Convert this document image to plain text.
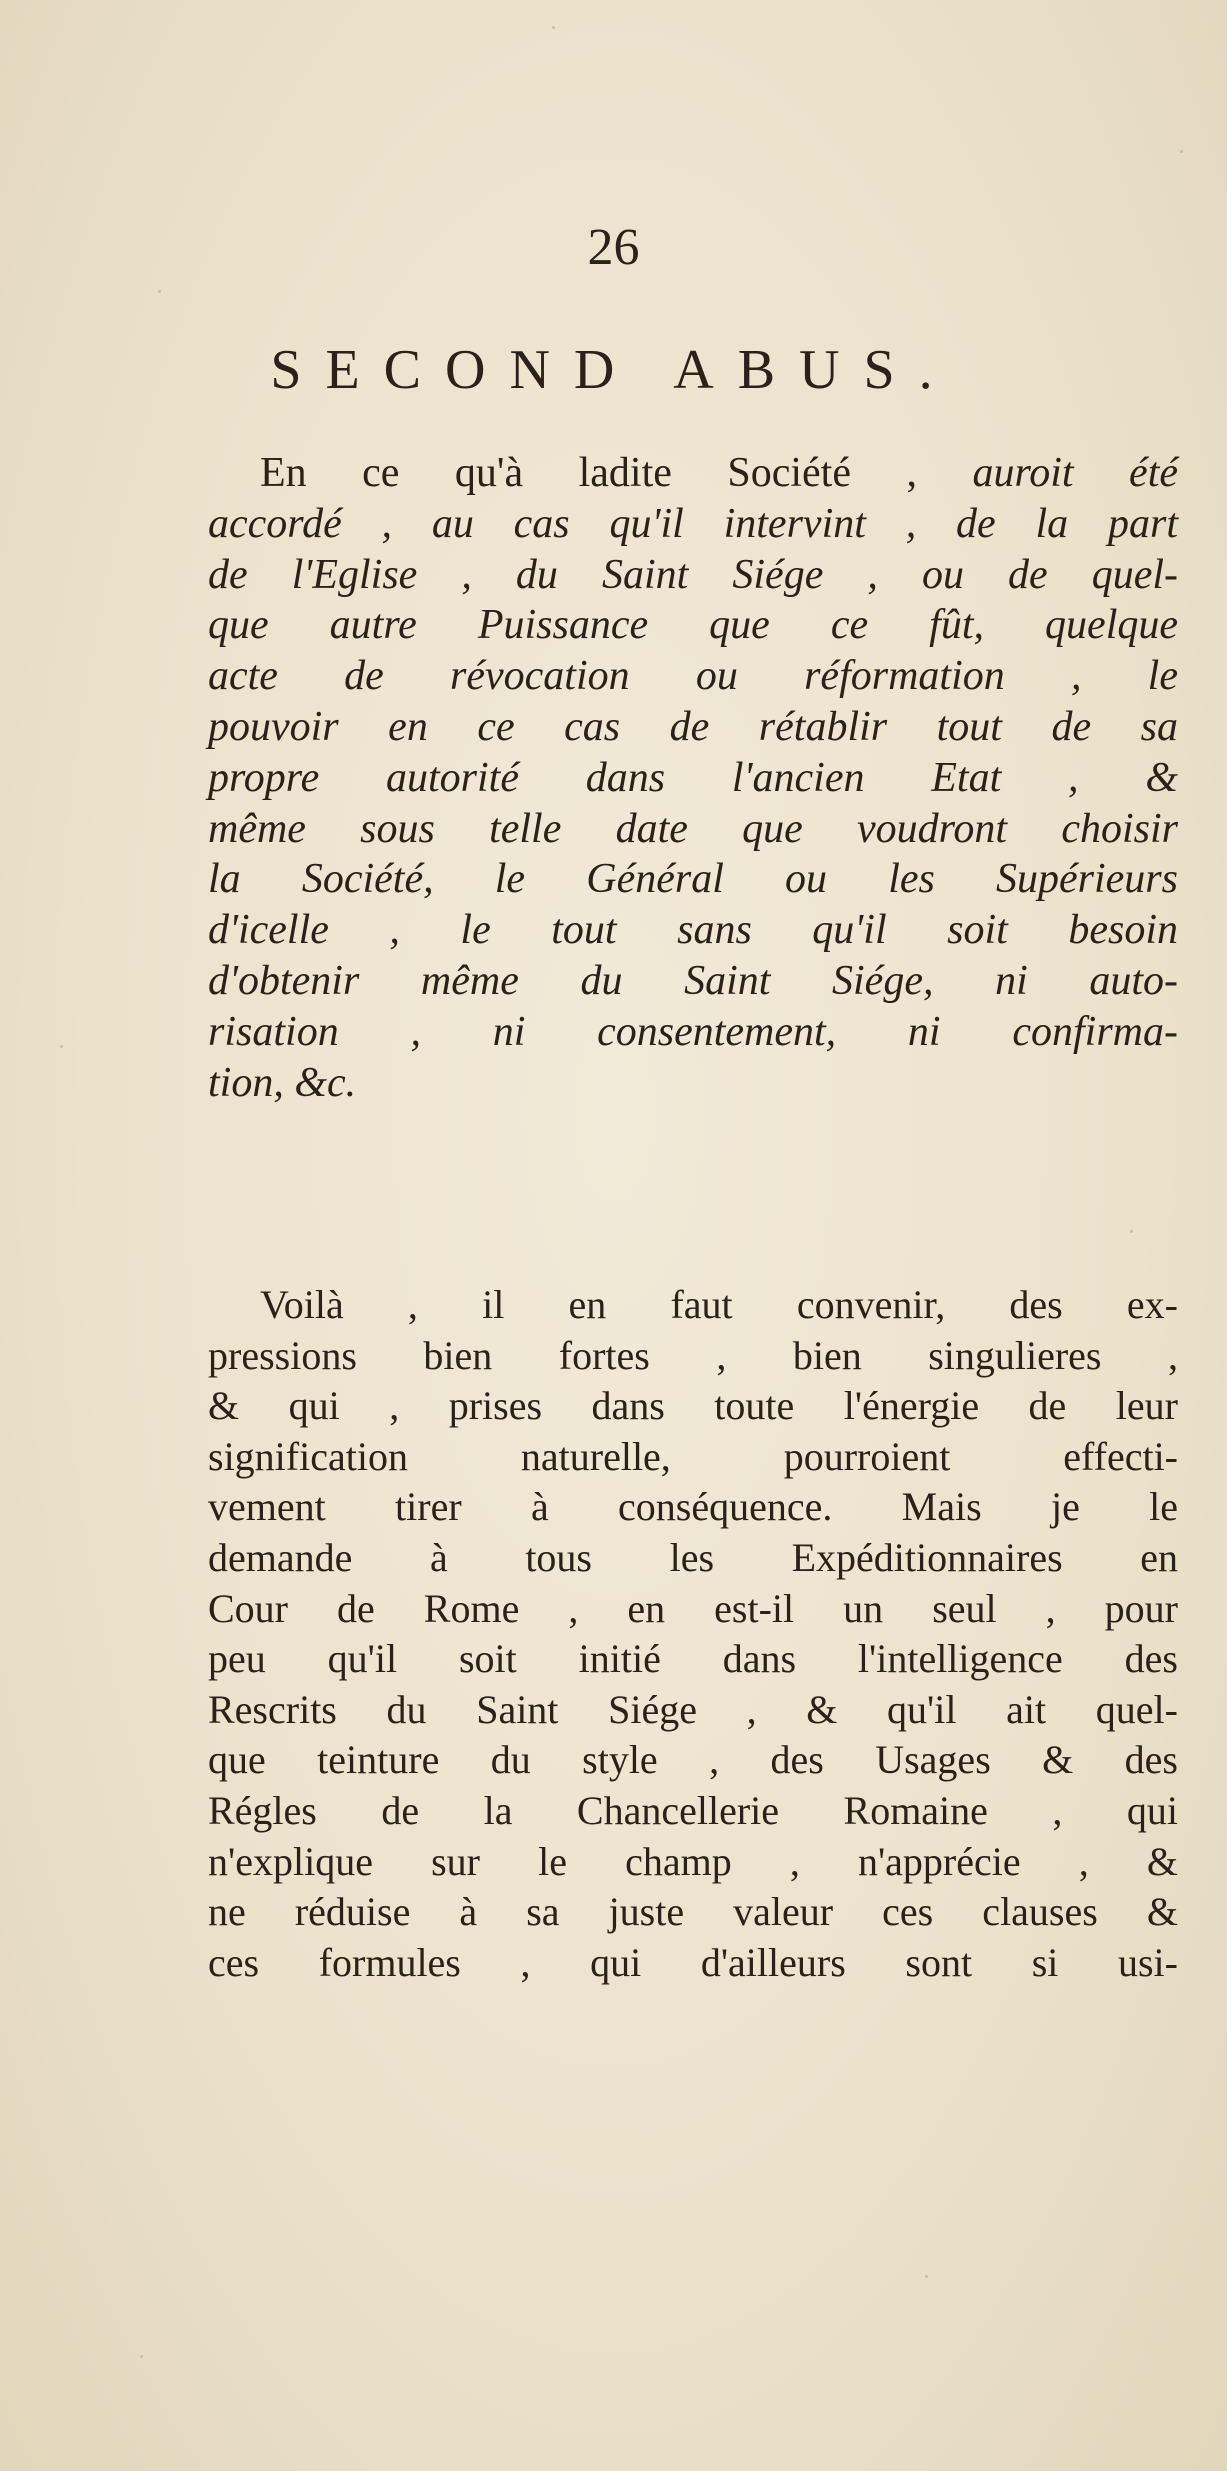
26
SECOND ABUS.
En ce qu'à ladite Société , auroit été
accordé , au cas qu'il intervint , de la part
de l'Eglise , du Saint Siége , ou de quel-
que autre Puissance que ce fût, quelque
acte de révocation ou réformation , le
pouvoir en ce cas de rétablir tout de sa
propre autorité dans l'ancien Etat , &
même sous telle date que voudront choisir
la Société, le Général ou les Supérieurs
d'icelle , le tout sans qu'il soit besoin
d'obtenir même du Saint Siége, ni auto-
risation , ni consentement, ni confirma-
tion, &c.
Voilà , il en faut convenir, des ex-
pressions bien fortes , bien singulieres ,
& qui , prises dans toute l'énergie de leur
signification naturelle, pourroient effecti-
vement tirer à conséquence. Mais je le
demande à tous les Expéditionnaires en
Cour de Rome , en est-il un seul , pour
peu qu'il soit initié dans l'intelligence des
Rescrits du Saint Siége , & qu'il ait quel-
que teinture du style , des Usages & des
Régles de la Chancellerie Romaine , qui
n'explique sur le champ , n'apprécie , &
ne réduise à sa juste valeur ces clauses &
ces formules , qui d'ailleurs sont si usi-
